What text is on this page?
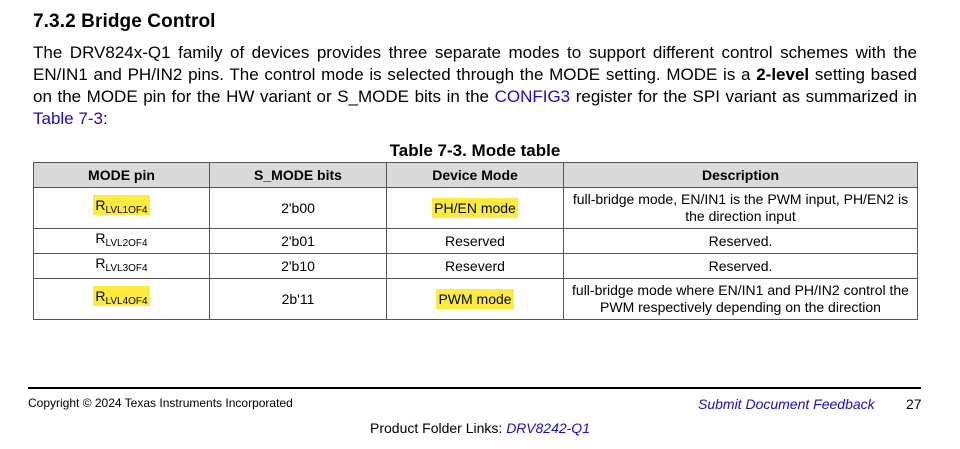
7.3.2 Bridge Control
The DRV824x-Q1 family of devices provides three separate modes to support different control schemes with the EN/IN1 and PH/IN2 pins. The control mode is selected through the MODE setting. MODE is a 2-level setting based on the MODE pin for the HW variant or S_MODE bits in the CONFIG3 register for the SPI variant as summarized in Table 7-3:
Table 7-3. Mode table
MODE pin	S_MODE bits	Device Mode	Description
$R_{LVL1OF4}$	2'b00	PH/EN mode	full-bridge mode, EN/IN1 is the PWM input, PH/EN2 is the direction input
$R_{LVL2OF4}$	2'b01	Reserved	Reserved.
$R_{LVL3OF4}$	2'b10	Reseverd	Reserved.
$R_{LVL4OF4}$	2b'11	PWM mode	full-bridge mode where EN/IN1 and PH/IN2 control the PWM respectively depending on the direction
Copyright © 2024 Texas Instruments Incorporated	Submit Document Feedback 27
Product Folder Links: DRV8242-Q1
